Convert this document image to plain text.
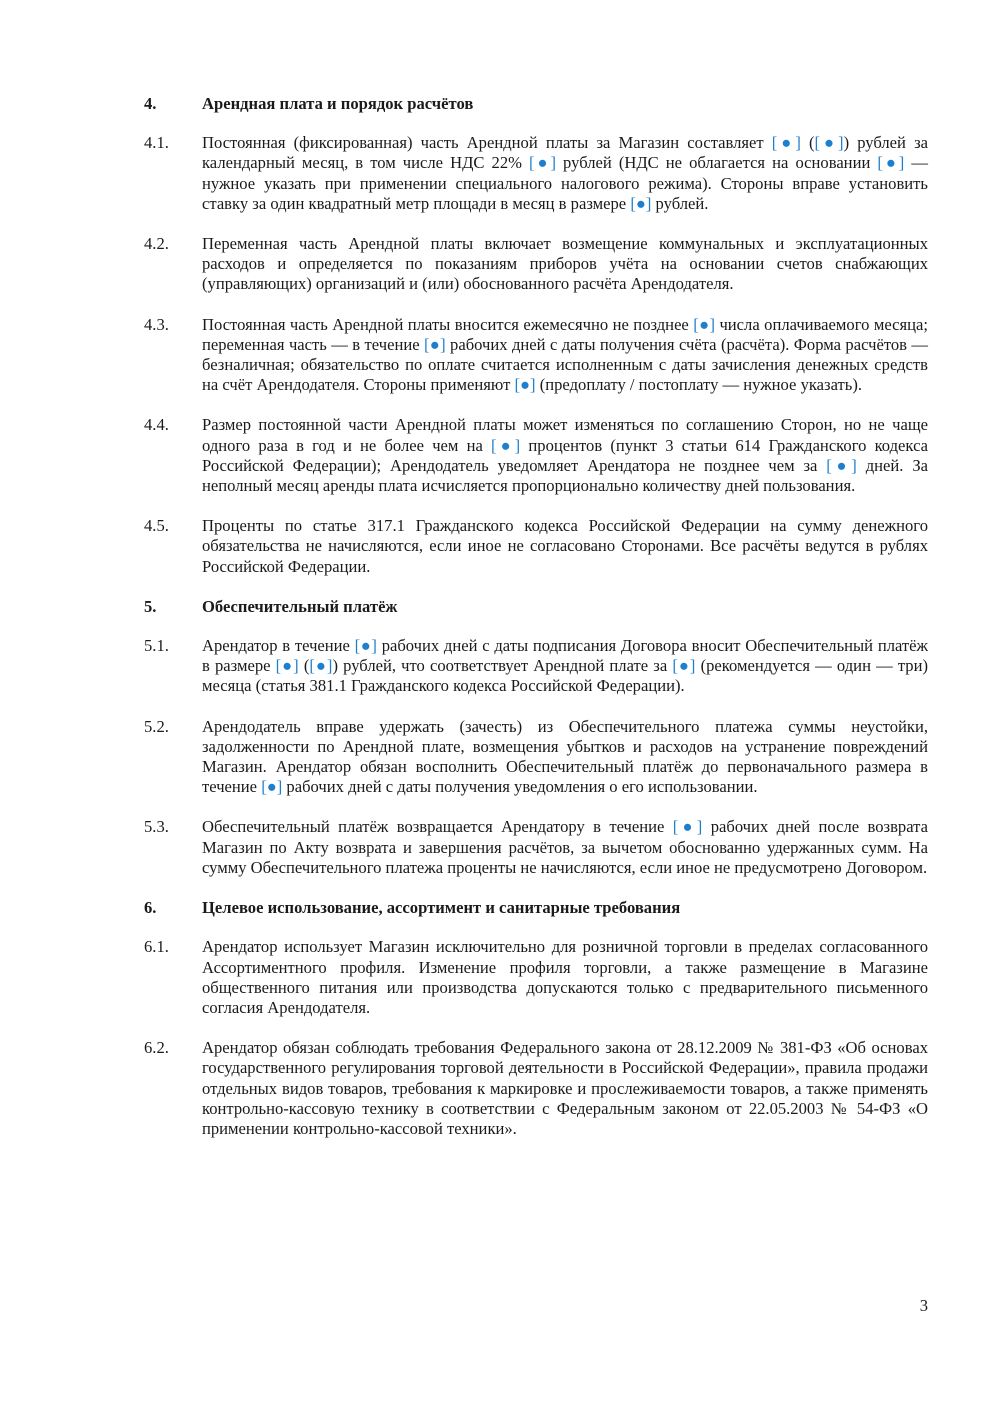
4.	Арендная плата и порядок расчётов
4.1.	Постоянная (фиксированная) часть Арендной платы за Магазин составляет [●] ([●]) рублей за календарный месяц, в том числе НДС 22% [●] рублей (НДС не облагается на основании [●] — нужное указать при применении специального налогового режима). Стороны вправе установить ставку за один квадратный метр площади в месяц в размере [●] рублей.
4.2.	Переменная часть Арендной платы включает возмещение коммунальных и эксплуатационных расходов и определяется по показаниям приборов учёта на основании счетов снабжающих (управляющих) организаций и (или) обоснованного расчёта Арендодателя.
4.3.	Постоянная часть Арендной платы вносится ежемесячно не позднее [●] числа оплачиваемого месяца; переменная часть — в течение [●] рабочих дней с даты получения счёта (расчёта). Форма расчётов — безналичная; обязательство по оплате считается исполненным с даты зачисления денежных средств на счёт Арендодателя. Стороны применяют [●] (предоплату / постоплату — нужное указать).
4.4.	Размер постоянной части Арендной платы может изменяться по соглашению Сторон, но не чаще одного раза в год и не более чем на [●] процентов (пункт 3 статьи 614 Гражданского кодекса Российской Федерации); Арендодатель уведомляет Арендатора не позднее чем за [●] дней. За неполный месяц аренды плата исчисляется пропорционально количеству дней пользования.
4.5.	Проценты по статье 317.1 Гражданского кодекса Российской Федерации на сумму денежного обязательства не начисляются, если иное не согласовано Сторонами. Все расчёты ведутся в рублях Российской Федерации.
5.	Обеспечительный платёж
5.1.	Арендатор в течение [●] рабочих дней с даты подписания Договора вносит Обеспечительный платёж в размере [●] ([●]) рублей, что соответствует Арендной плате за [●] (рекомендуется — один — три) месяца (статья 381.1 Гражданского кодекса Российской Федерации).
5.2.	Арендодатель вправе удержать (зачесть) из Обеспечительного платежа суммы неустойки, задолженности по Арендной плате, возмещения убытков и расходов на устранение повреждений Магазин. Арендатор обязан восполнить Обеспечительный платёж до первоначального размера в течение [●] рабочих дней с даты получения уведомления о его использовании.
5.3.	Обеспечительный платёж возвращается Арендатору в течение [●] рабочих дней после возврата Магазин по Акту возврата и завершения расчётов, за вычетом обоснованно удержанных сумм. На сумму Обеспечительного платежа проценты не начисляются, если иное не предусмотрено Договором.
6.	Целевое использование, ассортимент и санитарные требования
6.1.	Арендатор использует Магазин исключительно для розничной торговли в пределах согласованного Ассортиментного профиля. Изменение профиля торговли, а также размещение в Магазине общественного питания или производства допускаются только с предварительного письменного согласия Арендодателя.
6.2.	Арендатор обязан соблюдать требования Федерального закона от 28.12.2009 № 381-ФЗ «Об основах государственного регулирования торговой деятельности в Российской Федерации», правила продажи отдельных видов товаров, требования к маркировке и прослеживаемости товаров, а также применять контрольно-кассовую технику в соответствии с Федеральным законом от 22.05.2003 № 54-ФЗ «О применении контрольно-кассовой техники».
3
